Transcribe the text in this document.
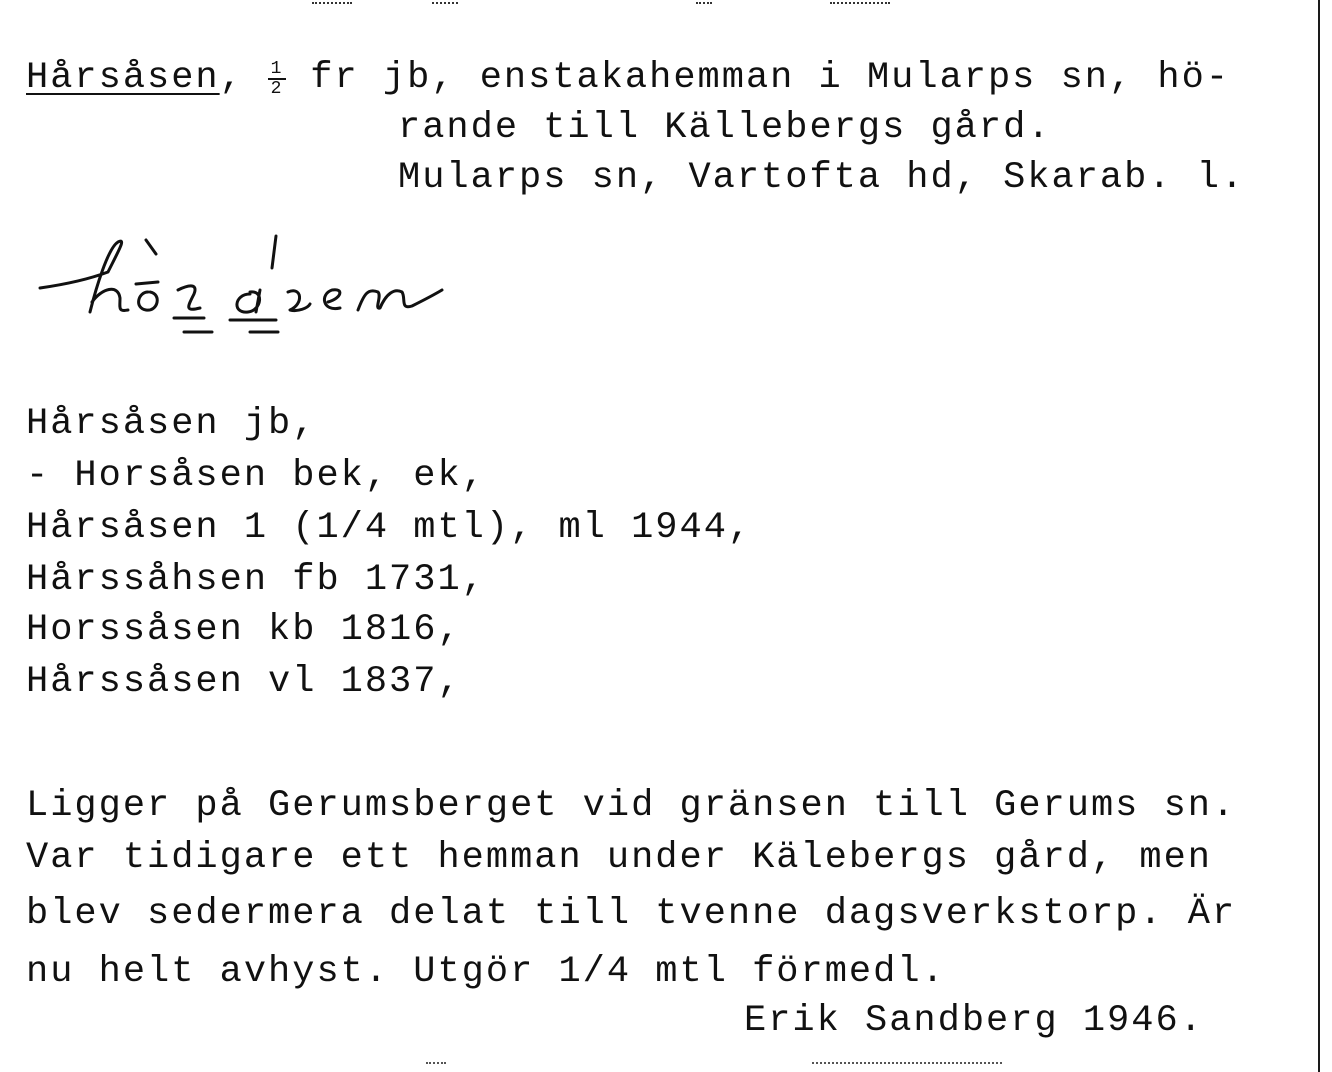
Hårsåsen, $\frac{1}{2}$ fr jb, enstakahemman i Mularps sn, hö-
rande till Källebergs gård.
Mularps sn, Vartofta hd, Skarab. l.
Hårsåsen jb,
- Horsåsen bek, ek,
Hårsåsen 1 (1/4 mtl), ml 1944,
Hårssåhsen fb 1731,
Horssåsen kb 1816,
Hårssåsen vl 1837,
Ligger på Gerumsberget vid gränsen till Gerums sn.
Var tidigare ett hemman under Kälebergs gård, men
blev sedermera delat till tvenne dagsverkstorp. Är
nu helt avhyst. Utgör 1/4 mtl förmedl.
Erik Sandberg 1946.
